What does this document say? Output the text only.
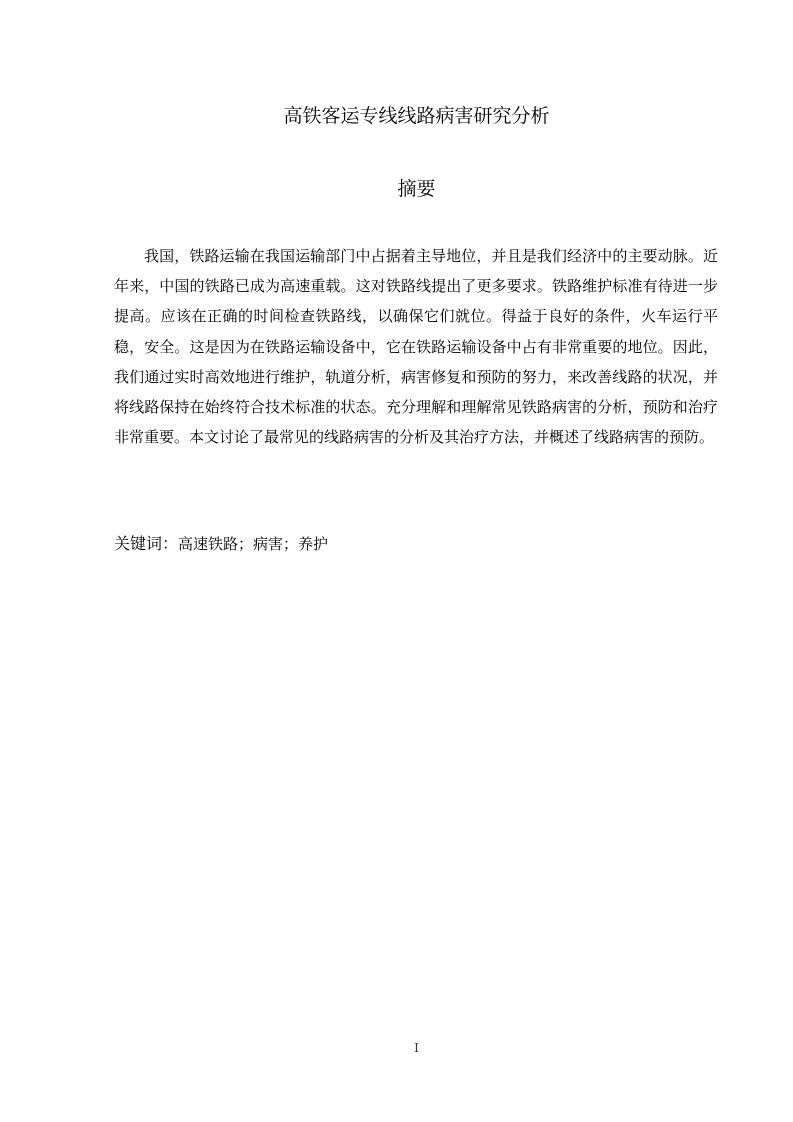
高铁客运专线线路病害研究分析
摘要

我国，铁路运输在我国运输部门中占据着主导地位，并且是我们经济中的主要动脉。近年来，中国的铁路已成为高速重载。这对铁路线提出了更多要求。铁路维护标准有待进一步提高。应该在正确的时间检查铁路线，以确保它们就位。得益于良好的条件，火车运行平稳，安全。这是因为在铁路运输设备中，它在铁路运输设备中占有非常重要的地位。因此，我们通过实时高效地进行维护，轨道分析，病害修复和预防的努力，来改善线路的状况，并将线路保持在始终符合技术标准的状态。充分理解和理解常见铁路病害的分析，预防和治疗非常重要。本文讨论了最常见的线路病害的分析及其治疗方法，并概述了线路病害的预防。

关键词：高速铁路；病害；养护

I
